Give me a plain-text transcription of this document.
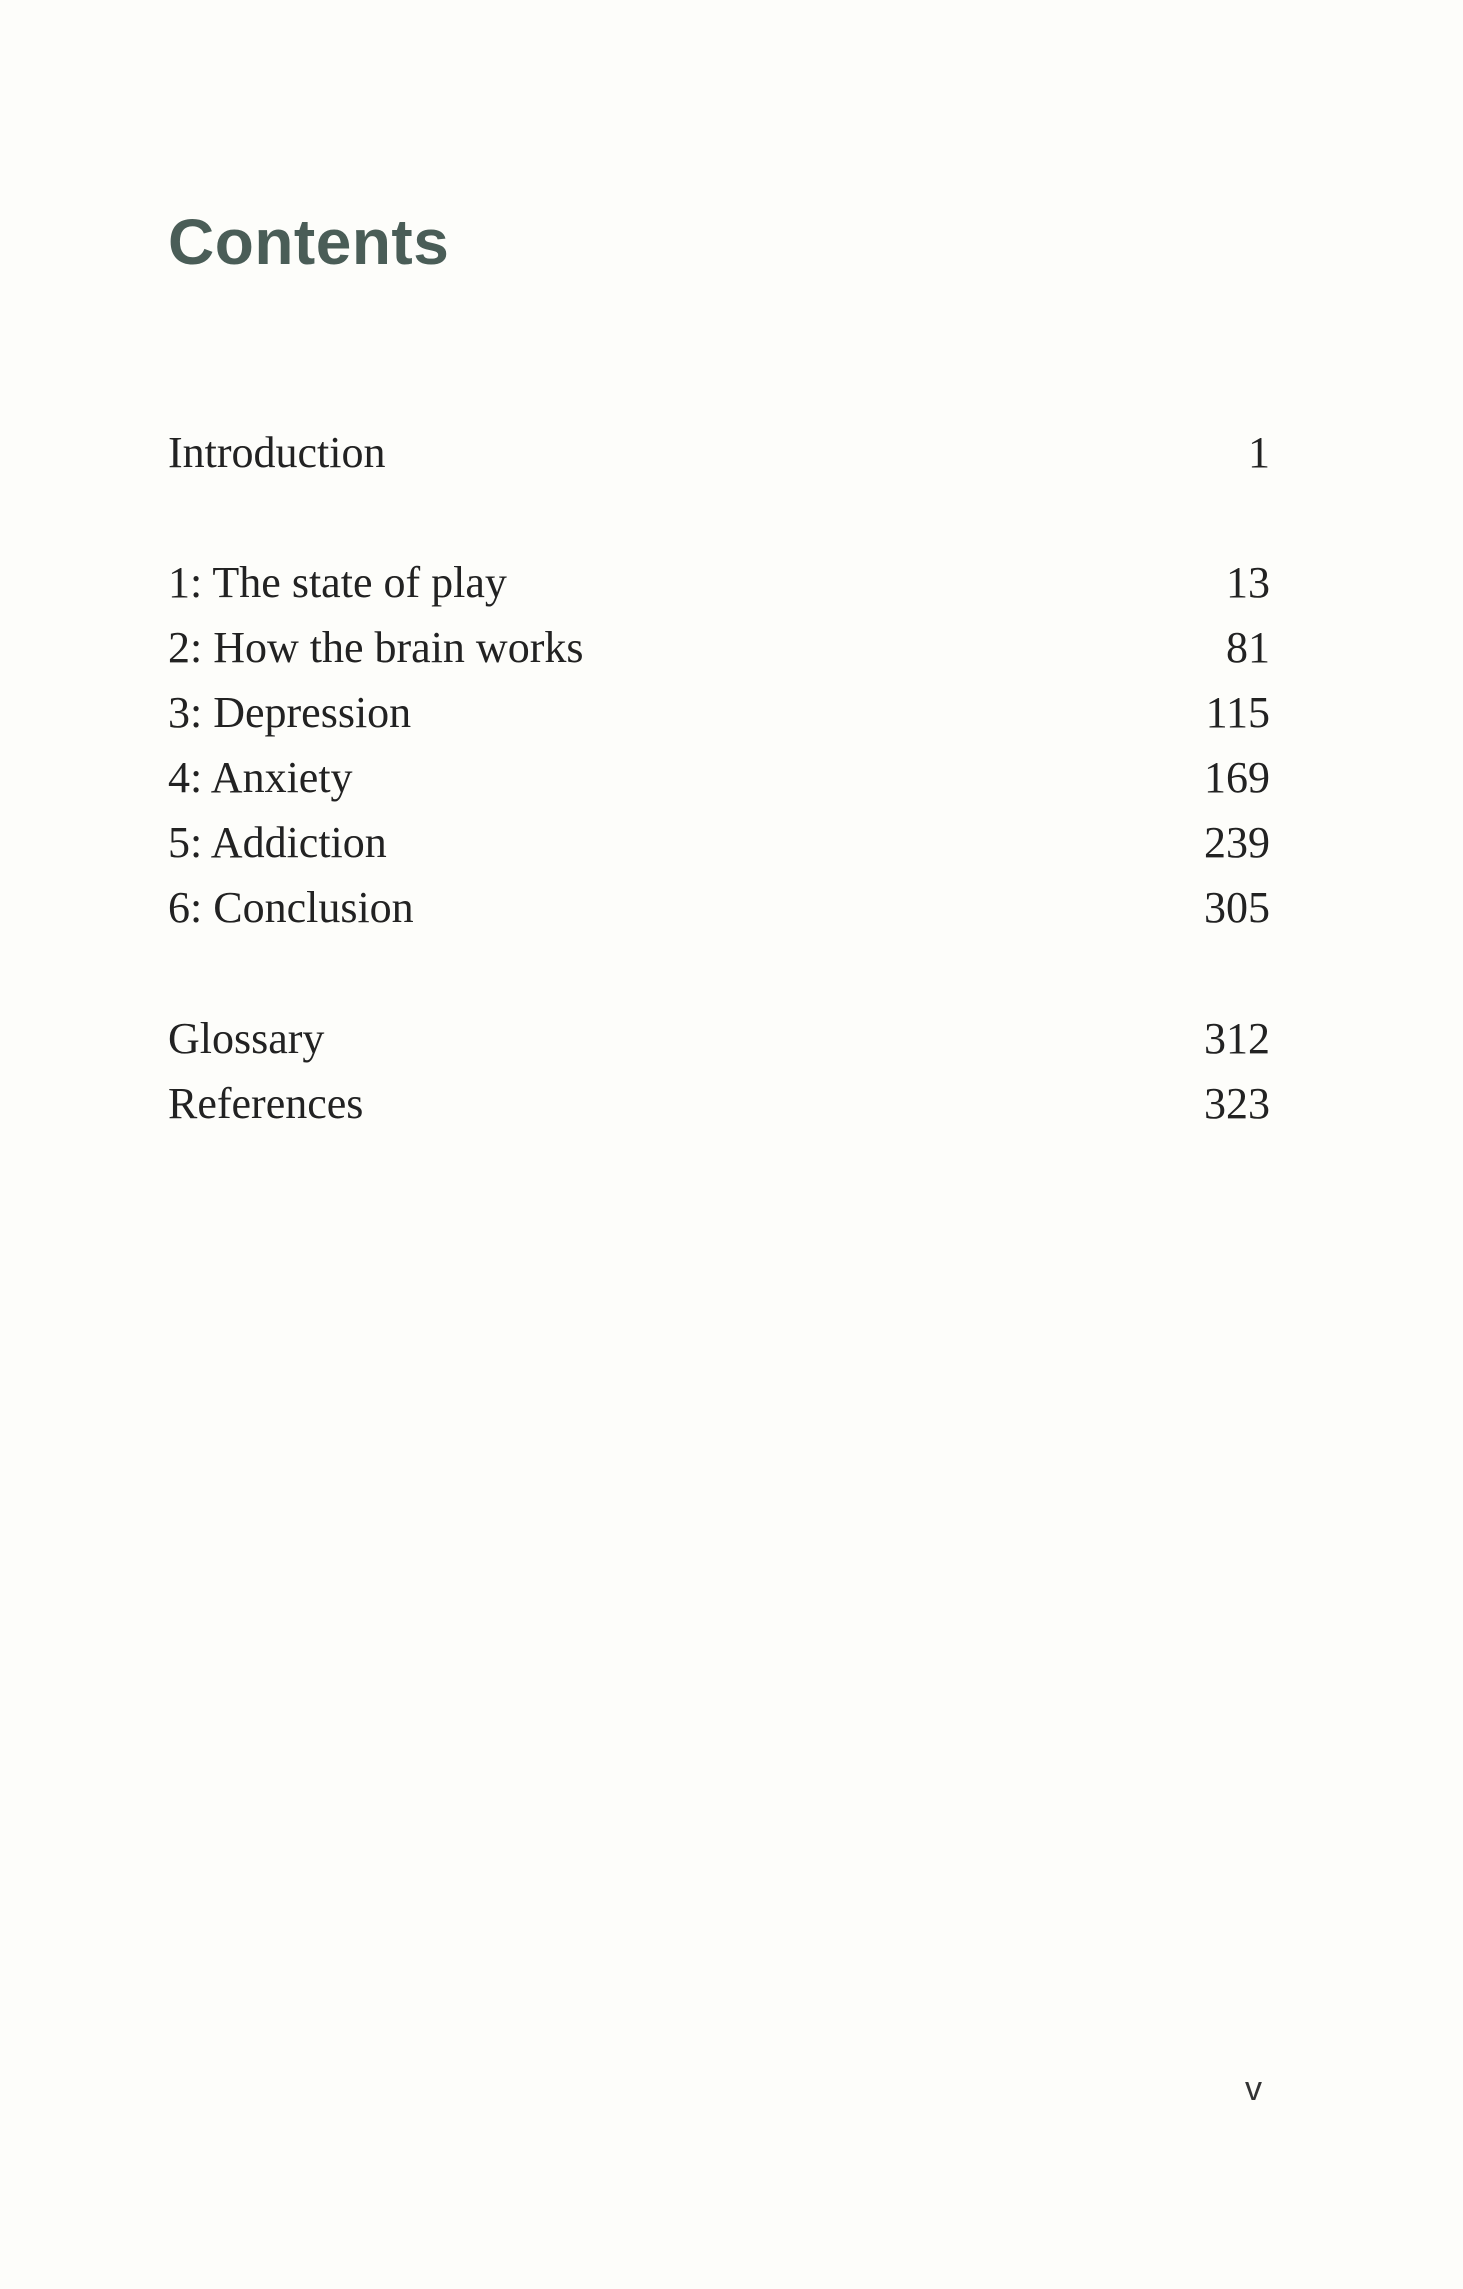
Contents
Introduction	1
1: The state of play	13
2: How the brain works	81
3: Depression	115
4: Anxiety	169
5: Addiction	239
6: Conclusion	305
Glossary	312
References	323
v
